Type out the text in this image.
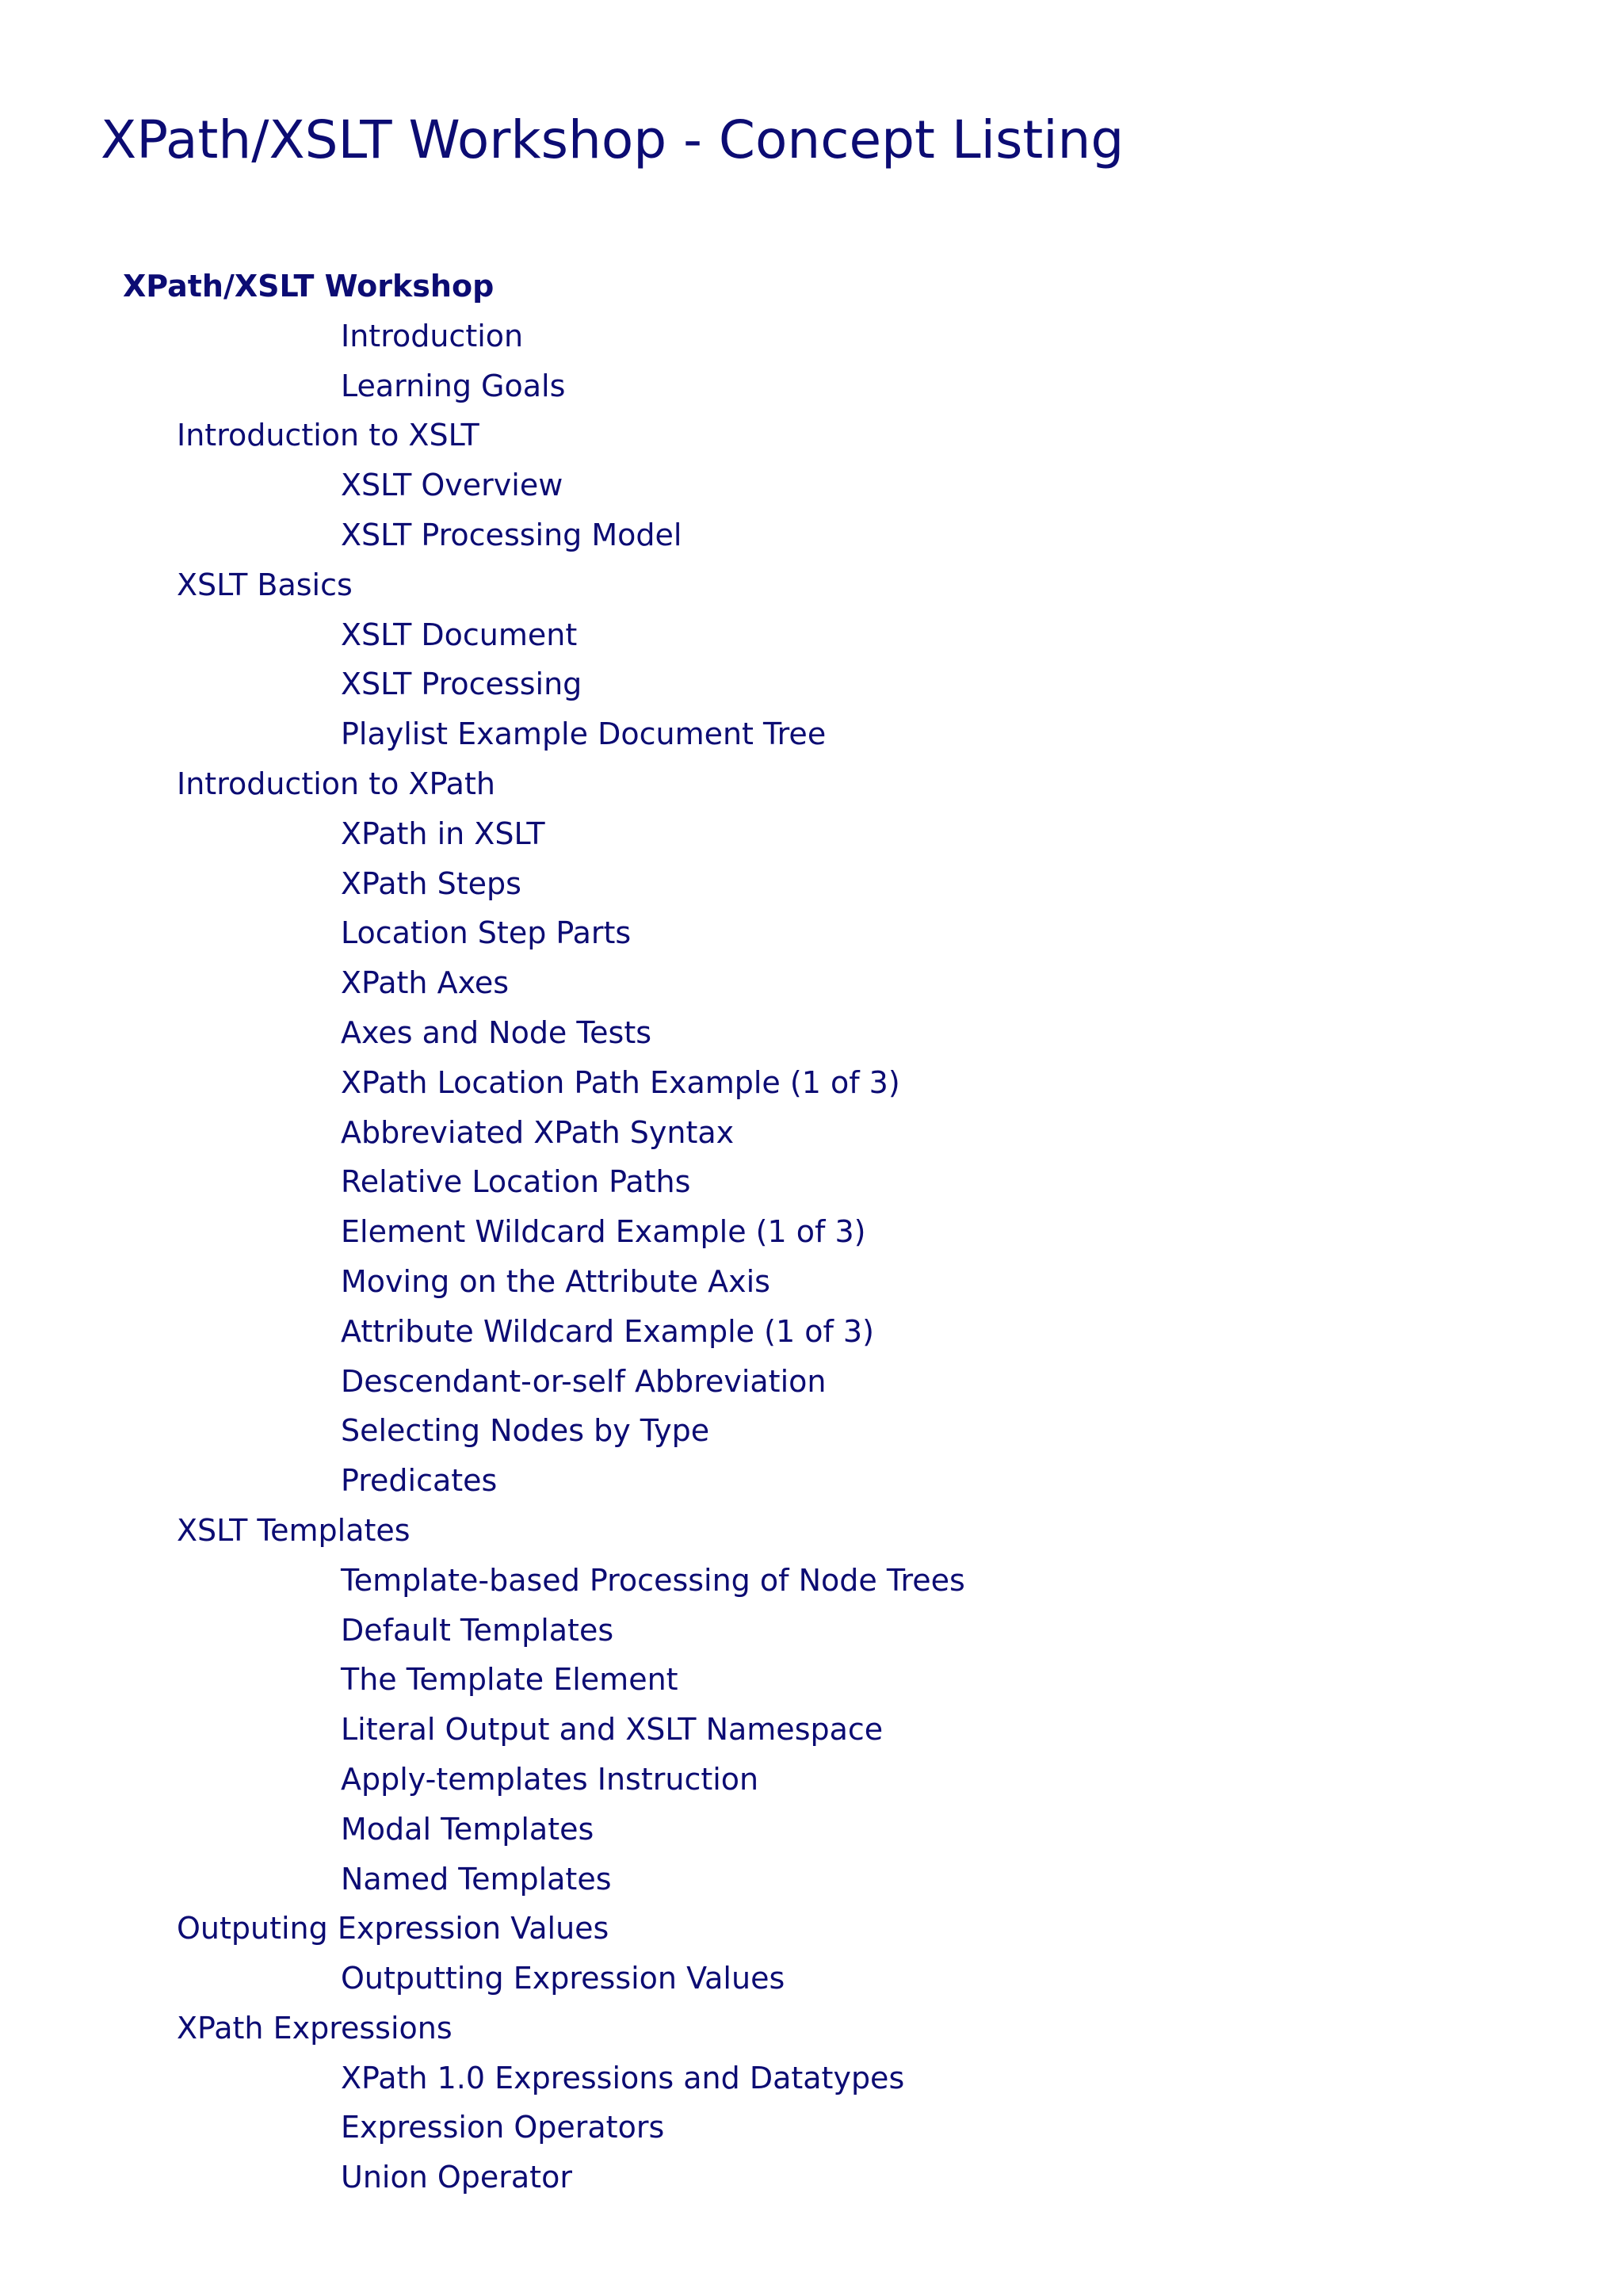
XPath/XSLT Workshop - Concept Listing
XPath/XSLT Workshop
Introduction
Learning Goals
Introduction to XSLT
XSLT Overview
XSLT Processing Model
XSLT Basics
XSLT Document
XSLT Processing
Playlist Example Document Tree
Introduction to XPath
XPath in XSLT
XPath Steps
Location Step Parts
XPath Axes
Axes and Node Tests
XPath Location Path Example (1 of 3)
Abbreviated XPath Syntax
Relative Location Paths
Element Wildcard Example (1 of 3)
Moving on the Attribute Axis
Attribute Wildcard Example (1 of 3)
Descendant-or-self Abbreviation
Selecting Nodes by Type
Predicates
XSLT Templates
Template-based Processing of Node Trees
Default Templates
The Template Element
Literal Output and XSLT Namespace
Apply-templates Instruction
Modal Templates
Named Templates
Outputing Expression Values
Outputting Expression Values
XPath Expressions
XPath 1.0 Expressions and Datatypes
Expression Operators
Union Operator
